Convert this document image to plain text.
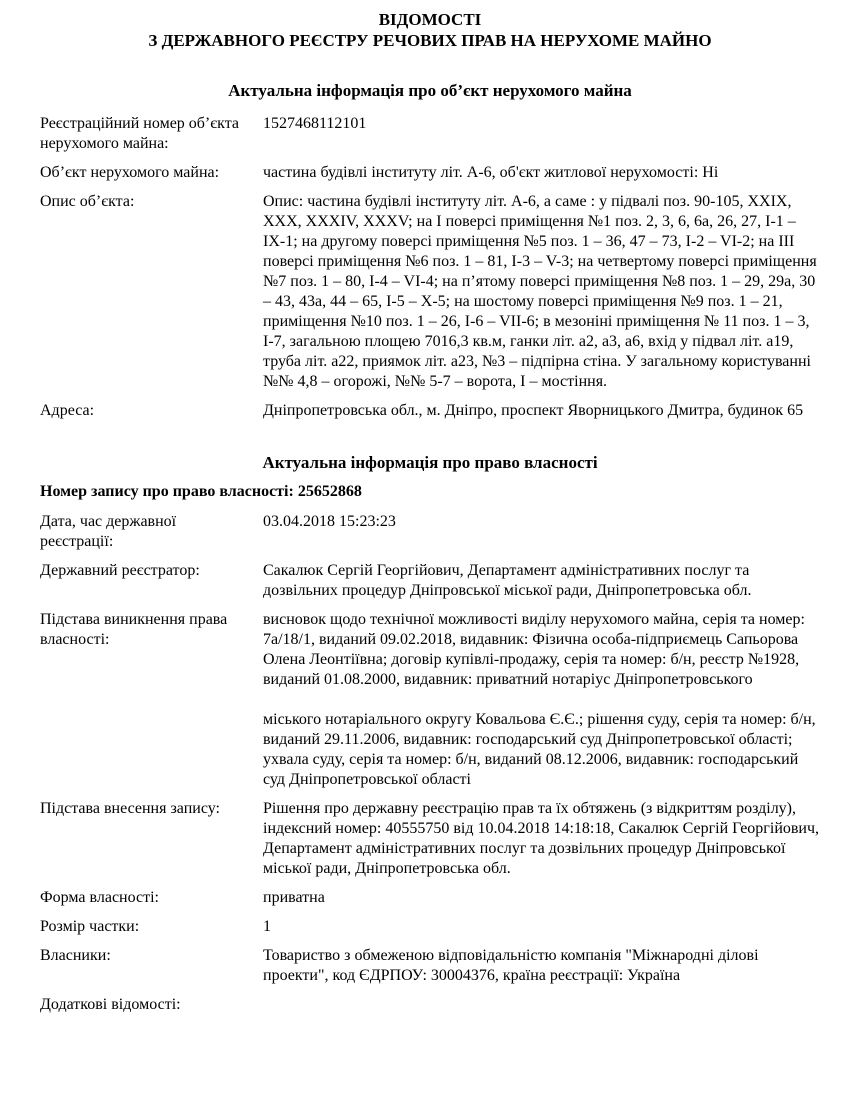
ВІДОМОСТІ
З ДЕРЖАВНОГО РЕЄСТРУ РЕЧОВИХ ПРАВ НА НЕРУХОМЕ МАЙНО
Актуальна інформація про об’єкт нерухомого майна
Реєстраційний номер об’єкта нерухомого майна:

1527468112101

Об’єкт нерухомого майна:	частина будівлі інституту літ. А-6, об'єкт житлової нерухомості: Ні

Опис об’єкта:	Опис: частина будівлі інституту літ. А-6, а саме : у підвалі поз. 90-105, XXIX, XXX, XXXIV, XXXV; на I поверсі приміщення №1 поз. 2, 3, 6, 6а, 26, 27, I-1 – IX-1; на другому поверсі приміщення №5 поз. 1 – 36, 47 – 73, I-2 – VI-2; на III поверсі приміщення №6 поз. 1 – 81, I-3 – V-3; на четвертому поверсі приміщення №7 поз. 1 – 80, I-4 – VI-4; на п’ятому поверсі приміщення №8 поз. 1 – 29, 29а, 30 – 43, 43а, 44 – 65, I-5 – X-5; на шостому поверсі приміщення №9 поз. 1 – 21, приміщення №10 поз. 1 – 26, I-6 – VII-6; в мезоніні приміщення № 11 поз. 1 – 3, I-7, загальною площею 7016,3 кв.м, ганки літ. а2, а3, а6, вхід у підвал літ. а19, труба літ. а22, приямок літ. а23, №3 – підпірна стіна. У загальному користуванні №№ 4,8 – огорожі, №№ 5-7 – ворота, I – мостіння.

Адреса:	Дніпропетровська обл., м. Дніпро, проспект Яворницького Дмитра, будинок 65

Актуальна інформація про право власності
Номер запису про право власності: 25652868
Дата, час державної реєстрації:

03.04.2018 15:23:23

Державний реєстратор:	Сакалюк Сергій Георгійович, Департамент адміністративних послуг та дозвільних процедур Дніпровської міської ради, Дніпропетровська обл.

Підстава виникнення права власності:

висновок щодо технічної можливості виділу нерухомого майна, серія та номер: 7а/18/1, виданий 09.02.2018, видавник: Фізична особа-підприємець Сапьорова Олена Леонтіївна; договір купівлі-продажу, серія та номер: б/н, реєстр №1928, виданий 01.08.2000, видавник: приватний нотаріус Дніпропетровського

міського нотаріального округу Ковальова Є.Є.; рішення суду, серія та номер: б/н, виданий 29.11.2006, видавник: господарський суд Дніпропетровської області; ухвала суду, серія та номер: б/н, виданий 08.12.2006, видавник: господарський суд Дніпропетровської області

Підстава внесення запису:	Рішення про державну реєстрацію прав та їх обтяжень (з відкриттям розділу), індексний номер: 40555750 від 10.04.2018 14:18:18, Сакалюк Сергій Георгійович, Департамент адміністративних послуг та дозвільних процедур Дніпровської міської ради, Дніпропетровська обл.

Форма власності:	приватна

Розмір частки:	1

Власники:	Товариство з обмеженою відповідальністю компанія "Міжнародні ділові проекти", код ЄДРПОУ: 30004376, країна реєстрації: Україна

Додаткові відомості:
